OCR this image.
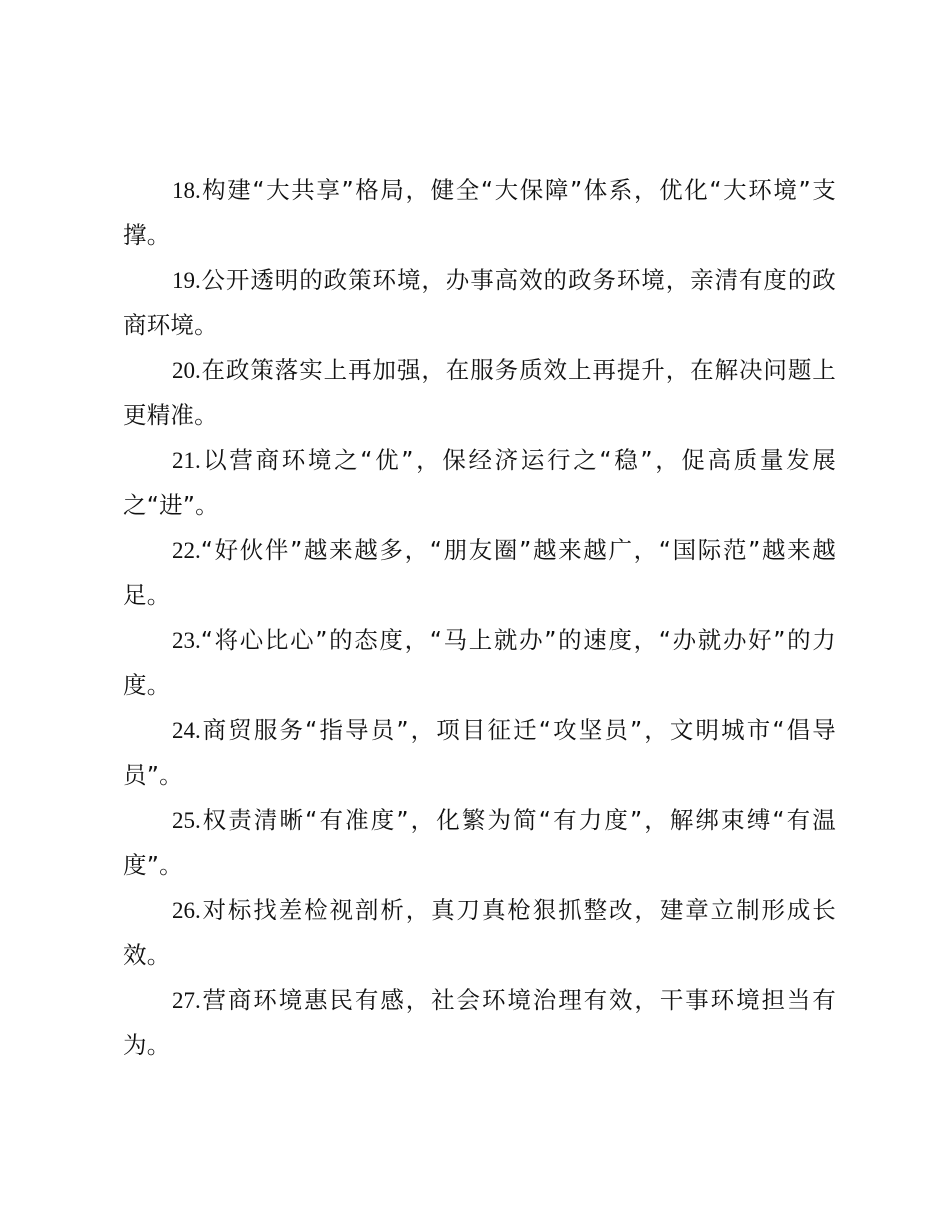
18.构建“大共享”格局，健全“大保障”体系，优化“大环境”支撑。

19.公开透明的政策环境，办事高效的政务环境，亲清有度的政商环境。

20.在政策落实上再加强，在服务质效上再提升，在解决问题上更精准。

21.以营商环境之“优”，保经济运行之“稳”，促高质量发展之“进”。

22.“好伙伴”越来越多，“朋友圈”越来越广，“国际范”越来越足。

23.“将心比心”的态度，“马上就办”的速度，“办就办好”的力度。

24.商贸服务“指导员”，项目征迁“攻坚员”，文明城市“倡导员”。

25.权责清晰“有准度”，化繁为简“有力度”，解绑束缚“有温度”。

26.对标找差检视剖析，真刀真枪狠抓整改，建章立制形成长效。

27.营商环境惠民有感，社会环境治理有效，干事环境担当有为。
